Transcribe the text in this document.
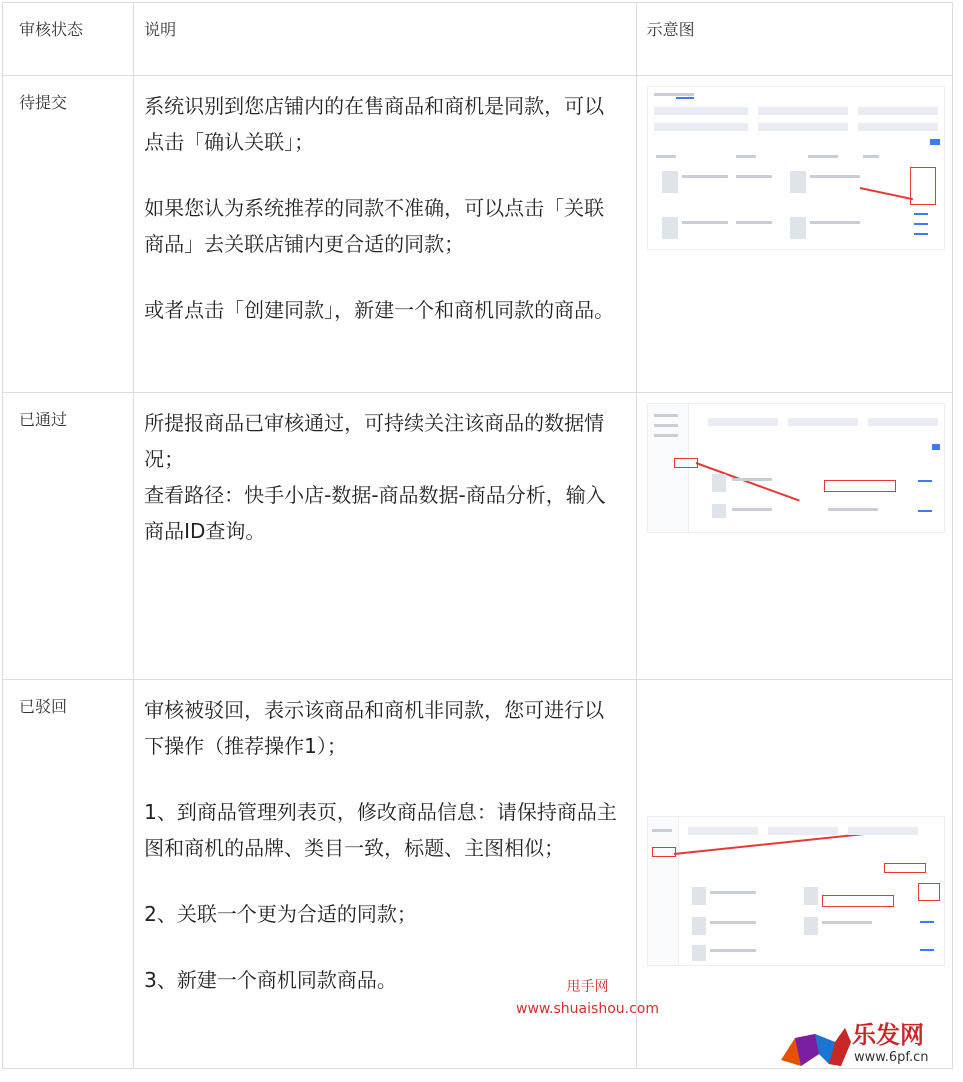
审核状态	说明	示意图

待提交	系统识别到您店铺内的在售商品和商机是同款，可以点击「确认关联」；

如果您认为系统推荐的同款不准确，可以点击「关联商品」去关联店铺内更合适的同款；

或者点击「创建同款」，新建一个和商机同款的商品。	

已通过	所提报商品已审核通过，可持续关注该商品的数据情况；

查看路径：快手小店-数据-商品数据-商品分析，输入商品ID查询。	

已驳回	审核被驳回，表示该商品和商机非同款，您可进行以下操作（推荐操作1）；

1、到商品管理列表页，修改商品信息：请保持商品主图和商机的品牌、类目一致，标题、主图相似；

2、关联一个更为合适的同款；

3、新建一个商机同款商品。	

		甩手网
www.shuaishou.com
乐发网
www.6pf.cn
